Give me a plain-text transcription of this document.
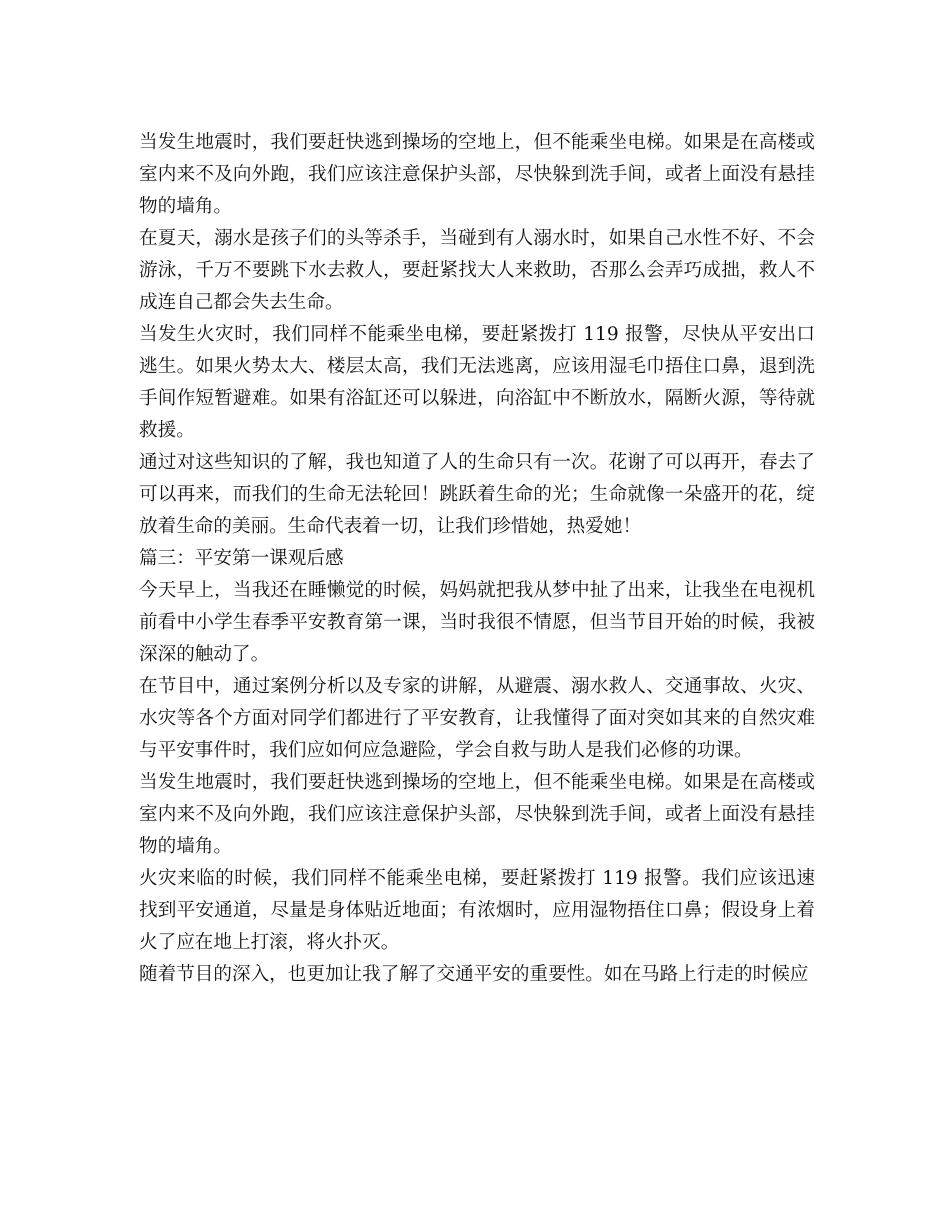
当发生地震时，我们要赶快逃到操场的空地上，但不能乘坐电梯。如果是在高楼或室内来不及向外跑，我们应该注意保护头部，尽快躲到洗手间，或者上面没有悬挂物的墙角。

在夏天，溺水是孩子们的头等杀手，当碰到有人溺水时，如果自己水性不好、不会游泳，千万不要跳下水去救人，要赶紧找大人来救助，否那么会弄巧成拙，救人不成连自己都会失去生命。

当发生火灾时，我们同样不能乘坐电梯，要赶紧拨打 119 报警，尽快从平安出口逃生。如果火势太大、楼层太高，我们无法逃离，应该用湿毛巾捂住口鼻，退到洗手间作短暂避难。如果有浴缸还可以躲进，向浴缸中不断放水，隔断火源，等待就救援。

通过对这些知识的了解，我也知道了人的生命只有一次。花谢了可以再开，春去了可以再来，而我们的生命无法轮回！跳跃着生命的光；生命就像一朵盛开的花，绽放着生命的美丽。生命代表着一切，让我们珍惜她，热爱她！

篇三：平安第一课观后感

今天早上，当我还在睡懒觉的时候，妈妈就把我从梦中扯了出来，让我坐在电视机前看中小学生春季平安教育第一课，当时我很不情愿，但当节目开始的时候，我被深深的触动了。

在节目中，通过案例分析以及专家的讲解，从避震、溺水救人、交通事故、火灾、水灾等各个方面对同学们都进行了平安教育，让我懂得了面对突如其来的自然灾难与平安事件时，我们应如何应急避险，学会自救与助人是我们必修的功课。

当发生地震时，我们要赶快逃到操场的空地上，但不能乘坐电梯。如果是在高楼或室内来不及向外跑，我们应该注意保护头部，尽快躲到洗手间，或者上面没有悬挂物的墙角。

火灾来临的时候，我们同样不能乘坐电梯，要赶紧拨打 119 报警。我们应该迅速找到平安通道，尽量是身体贴近地面；有浓烟时，应用湿物捂住口鼻；假设身上着火了应在地上打滚，将火扑灭。

随着节目的深入，也更加让我了解了交通平安的重要性。如在马路上行走的时候应
